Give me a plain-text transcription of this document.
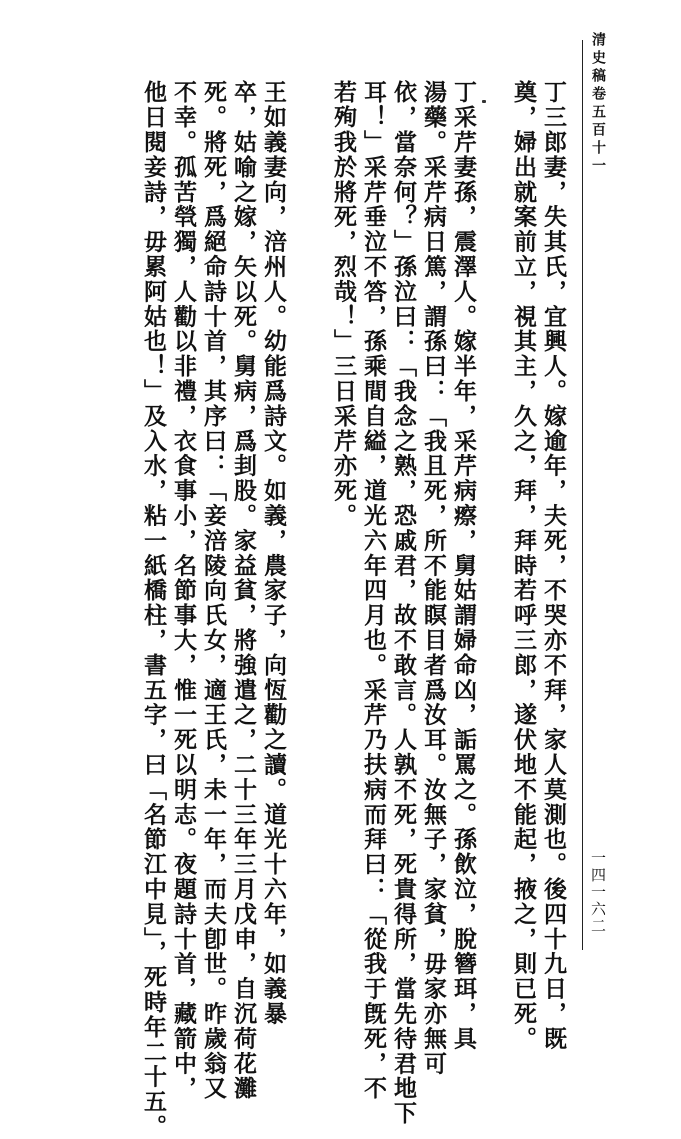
清史稿卷五百十一
一四一六二
丁三郎妻，失其氏，宜興人。嫁逾年，夫死，不哭亦不拜，家人莫測也。後四十九日，既
奠，婦出就案前立，視其主，久之，拜，拜時若呼三郎，遂伏地不能起，掖之，則已死。
丁采芹妻孫，震澤人。嫁半年，采芹病瘵，舅姑謂婦命凶，詬罵之。孫飲泣，脫簪珥，具
湯藥。采芹病日篤，謂孫曰：「我且死，所不能瞑目者爲汝耳。汝無子，家貧，毋家亦無可
依，當奈何？」孫泣曰：「我念之熟，恐戚君，故不敢言。人孰不死，死貴得所，當先待君地下
耳！」采芹垂泣不答，孫乘間自縊，道光六年四月也。采芹乃扶病而拜曰：「從我于旣死，不
若殉我於將死，烈哉！」三日采芹亦死。
王如義妻向，涪州人。幼能爲詩文。如義，農家子，向恆勸之讀。道光十六年，如義暴
卒，姑喻之嫁，矢以死。舅病，爲刲股。家益貧，將強遣之，二十三年三月戊申，自沉荷花灘
死。將死，爲絕命詩十首，其序曰：「妾涪陵向氏女，適王氏，未一年，而夫卽世。昨歲翁又
不幸。孤苦煢獨，人勸以非禮，衣食事小，名節事大，惟一死以明志。夜題詩十首，藏箭中，
他日閱妾詩，毋累阿姑也！」及入水，粘一紙橋柱，書五字，曰「名節江中見」，死時年二十五。
